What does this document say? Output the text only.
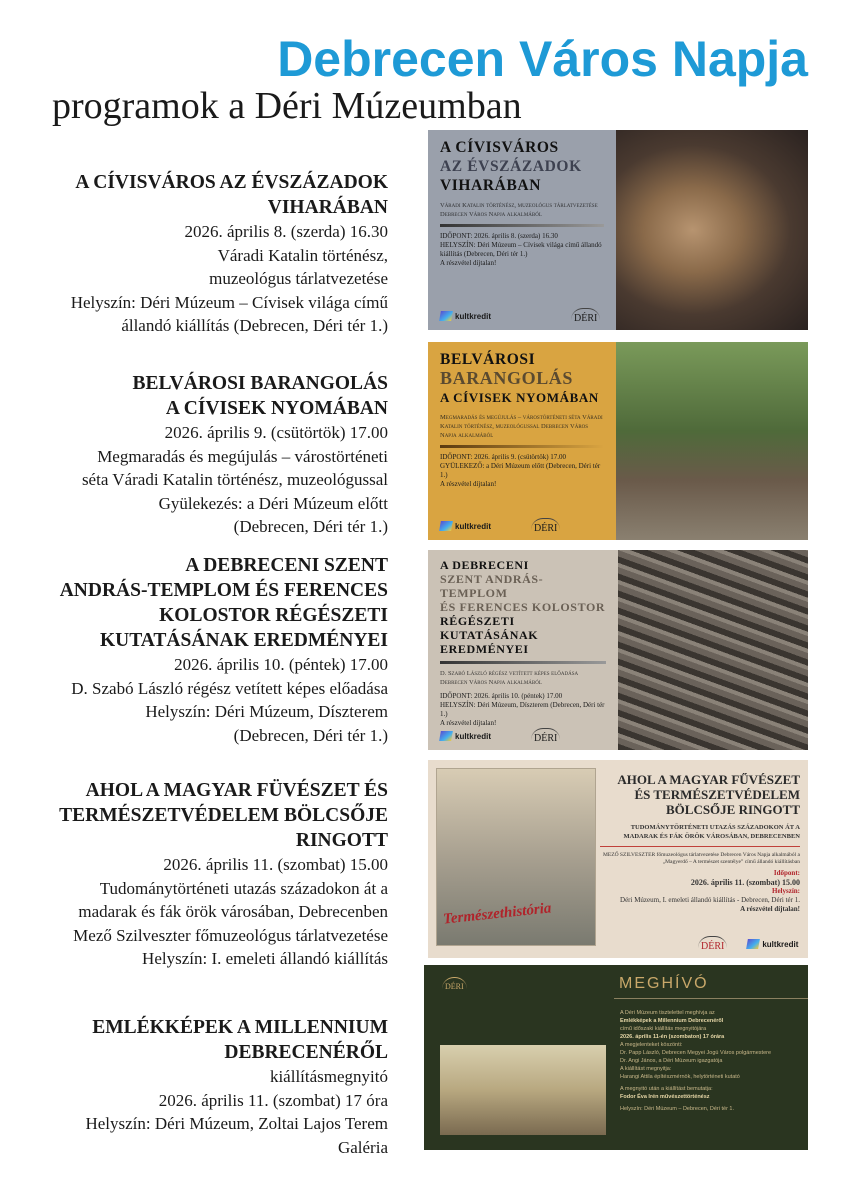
Debrecen Város Napja
programok a Déri Múzeumban
A CÍVISVÁROS AZ ÉVSZÁZADOK
VIHARÁBAN
2026. április 8. (szerda) 16.30
Váradi Katalin történész,
muzeológus tárlatvezetése
Helyszín: Déri Múzeum – Cívisek világa című
állandó kiállítás (Debrecen, Déri tér 1.)
BELVÁROSI BARANGOLÁS
A CÍVISEK NYOMÁBAN
2026. április 9. (csütörtök) 17.00
Megmaradás és megújulás – várostörténeti
séta Váradi Katalin történész, muzeológussal
Gyülekezés: a Déri Múzeum előtt
(Debrecen, Déri tér 1.)
A DEBRECENI SZENT
ANDRÁS-TEMPLOM ÉS FERENCES
KOLOSTOR RÉGÉSZETI
KUTATÁSÁNAK EREDMÉNYEI
2026. április 10. (péntek) 17.00
D. Szabó László régész vetített képes előadása
Helyszín: Déri Múzeum, Díszterem
(Debrecen, Déri tér 1.)
AHOL A MAGYAR FÜVÉSZET ÉS
TERMÉSZETVÉDELEM BÖLCSŐJE
RINGOTT
2026. április 11. (szombat) 15.00
Tudománytörténeti utazás századokon át a
madarak és fák örök városában, Debrecenben
Mező Szilveszter főmuzeológus tárlatvezetése
Helyszín: I. emeleti állandó kiállítás
EMLÉKKÉPEK A MILLENNIUM
DEBRECENÉRŐL
kiállításmegnyitó
2026. április 11. (szombat) 17 óra
Helyszín: Déri Múzeum, Zoltai Lajos Terem
Galéria
A CÍVISVÁROS
AZ ÉVSZÁZADOK
VIHARÁBAN
Váradi Katalin történész, muzeológus tárlatvezetése Debrecen Város Napja alkalmából
IDŐPONT: 2026. április 8. (szerda) 16.30
HELYSZÍN: Déri Múzeum – Cívisek világa című állandó kiállítás (Debrecen, Déri tér 1.)
A részvétel díjtalan!
kultkredit	DÉRI
BELVÁROSI
BARANGOLÁS
A CÍVISEK NYOMÁBAN
Megmaradás és megújulás – várostörténeti séta Váradi Katalin történész, muzeológussal Debrecen Város Napja alkalmából
IDŐPONT: 2026. április 9. (csütörtök) 17.00
GYÜLEKEZŐ: a Déri Múzeum előtt (Debrecen, Déri tér 1.)
A részvétel díjtalan!
kultkredit	DÉRI
A DEBRECENI
SZENT ANDRÁS-TEMPLOM
ÉS FERENCES KOLOSTOR
RÉGÉSZETI KUTATÁSÁNAK
EREDMÉNYEI
D. Szabó László régész vetített képes előadása Debrecen Város Napja alkalmából
IDŐPONT: 2026. április 10. (péntek) 17.00
HELYSZÍN: Déri Múzeum, Díszterem (Debrecen, Déri tér 1.)
A részvétel díjtalan!
kultkredit	DÉRI
Természethistória
AHOL A MAGYAR FŰVÉSZET
ÉS TERMÉSZETVÉDELEM
BÖLCSŐJE RINGOTT
TUDOMÁNYTÖRTÉNETI UTAZÁS SZÁZADOKON ÁT A MADARAK ÉS FÁK ÖRÖK VÁROSÁBAN, DEBRECENBEN
MEZŐ SZILVESZTER főmuzeológus tárlatvezetése Debrecen Város Napja alkalmából a „Magyerdő – A természet szentélye” című állandó kiállításban
Időpont:
2026. április 11. (szombat) 15.00
Helyszín:
Déri Múzeum, I. emeleti állandó kiállítás - Debrecen, Déri tér 1.
A részvétel díjtalan!
DÉRI	kultkredit
DÉRI	MEGHÍVÓ
A Déri Múzeum tisztelettel meghívja az
Emlékképek a Millennium Debrecenéről
című időszaki kiállítás megnyitójára
2026. április 11-én (szombaton) 17 órára
A megjelenteket köszönti:
Dr. Papp László, Debrecen Megyei Jogú Város polgármestere
Dr. Angi János, a Déri Múzeum igazgatója
A kiállítást megnyitja:
Harangi Attila építészmérnök, helytörténeti kutató
A megnyitó után a kiállítást bemutatja:
Fodor Éva Irén művészettörténész
Helyszín: Déri Múzeum – Debrecen, Déri tér 1.
